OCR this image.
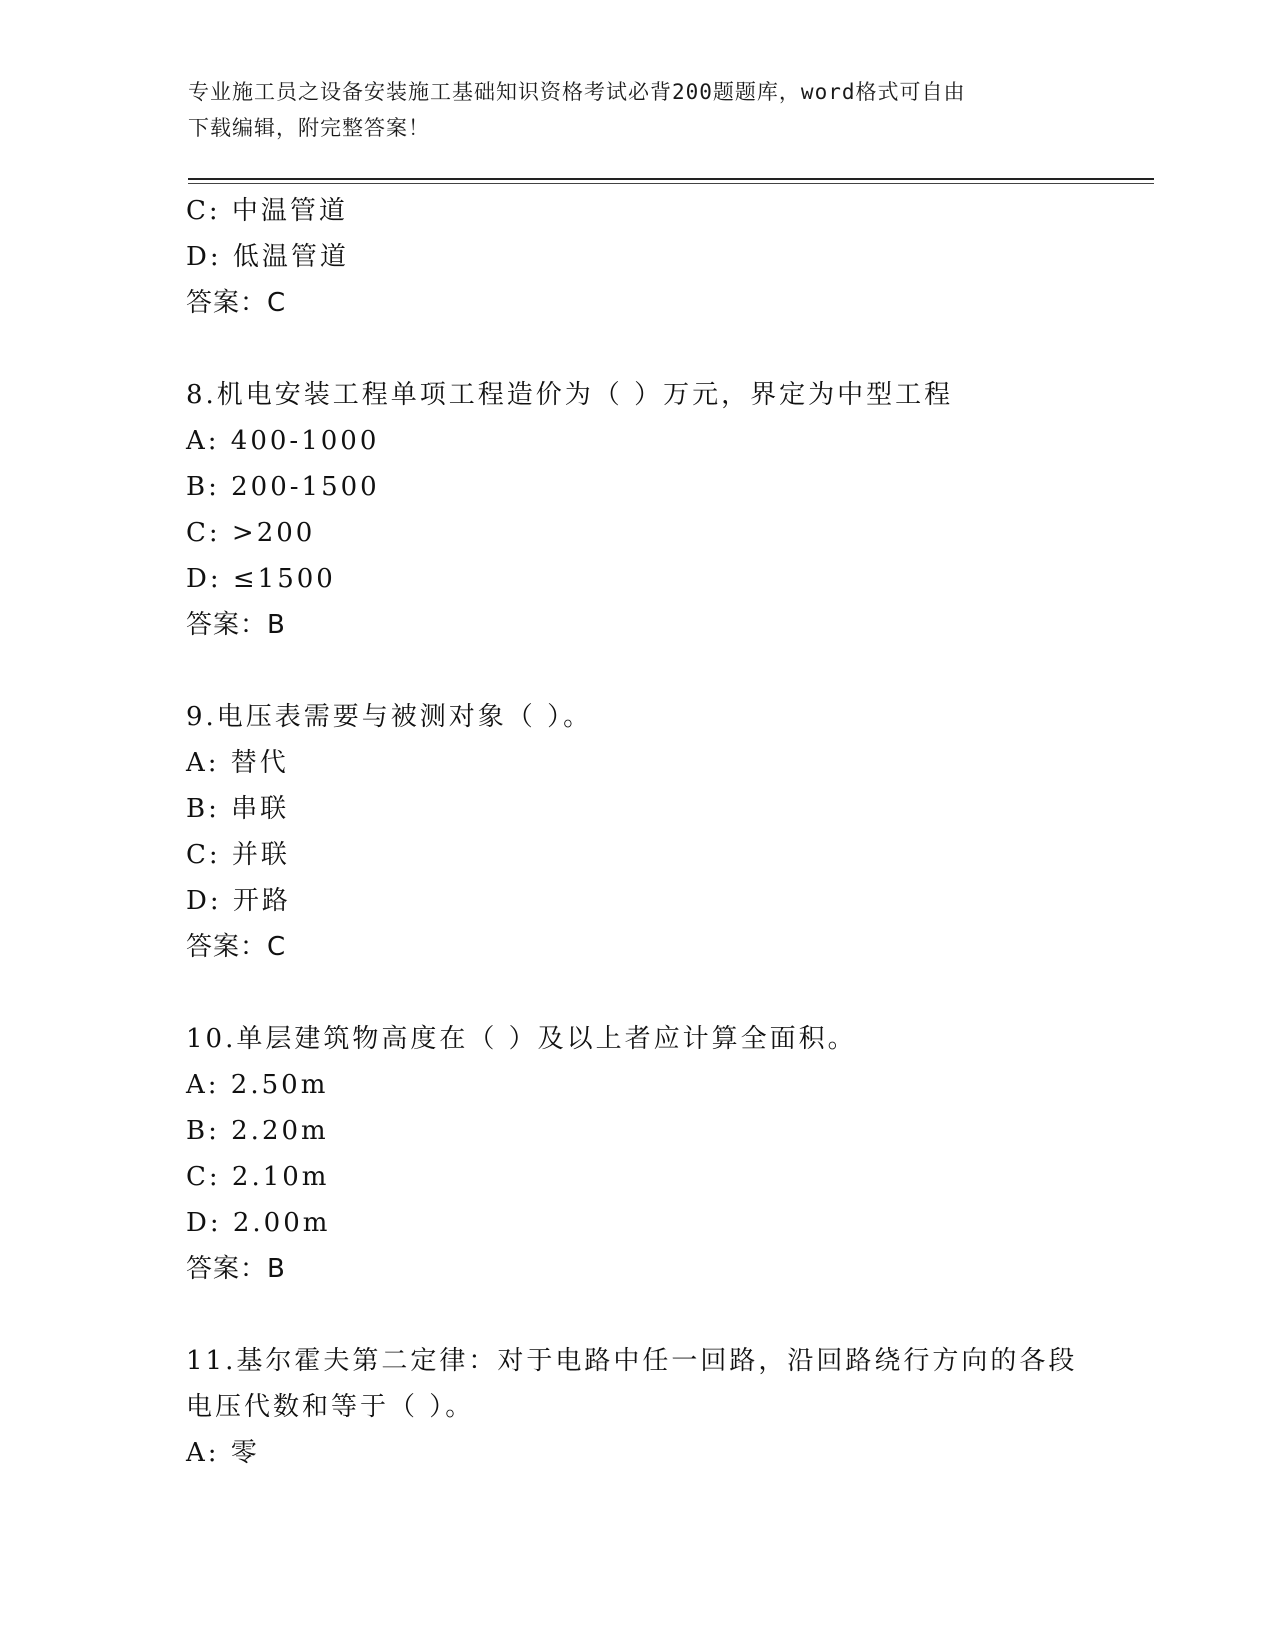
专业施工员之设备安装施工基础知识资格考试必背200题题库，word格式可自由
下载编辑，附完整答案！
C: 中温管道
D: 低温管道
答案：C
8.机电安装工程单项工程造价为（ ）万元，界定为中型工程
A: 400-1000
B: 200-1500
C: >200
D: ≤1500
答案：B
9.电压表需要与被测对象（ ）。
A: 替代
B: 串联
C: 并联
D: 开路
答案：C
10.单层建筑物高度在（ ）及以上者应计算全面积。
A: 2.50m
B: 2.20m
C: 2.10m
D: 2.00m
答案：B
11.基尔霍夫第二定律：对于电路中任一回路，沿回路绕行方向的各段
电压代数和等于（ ）。
A: 零
